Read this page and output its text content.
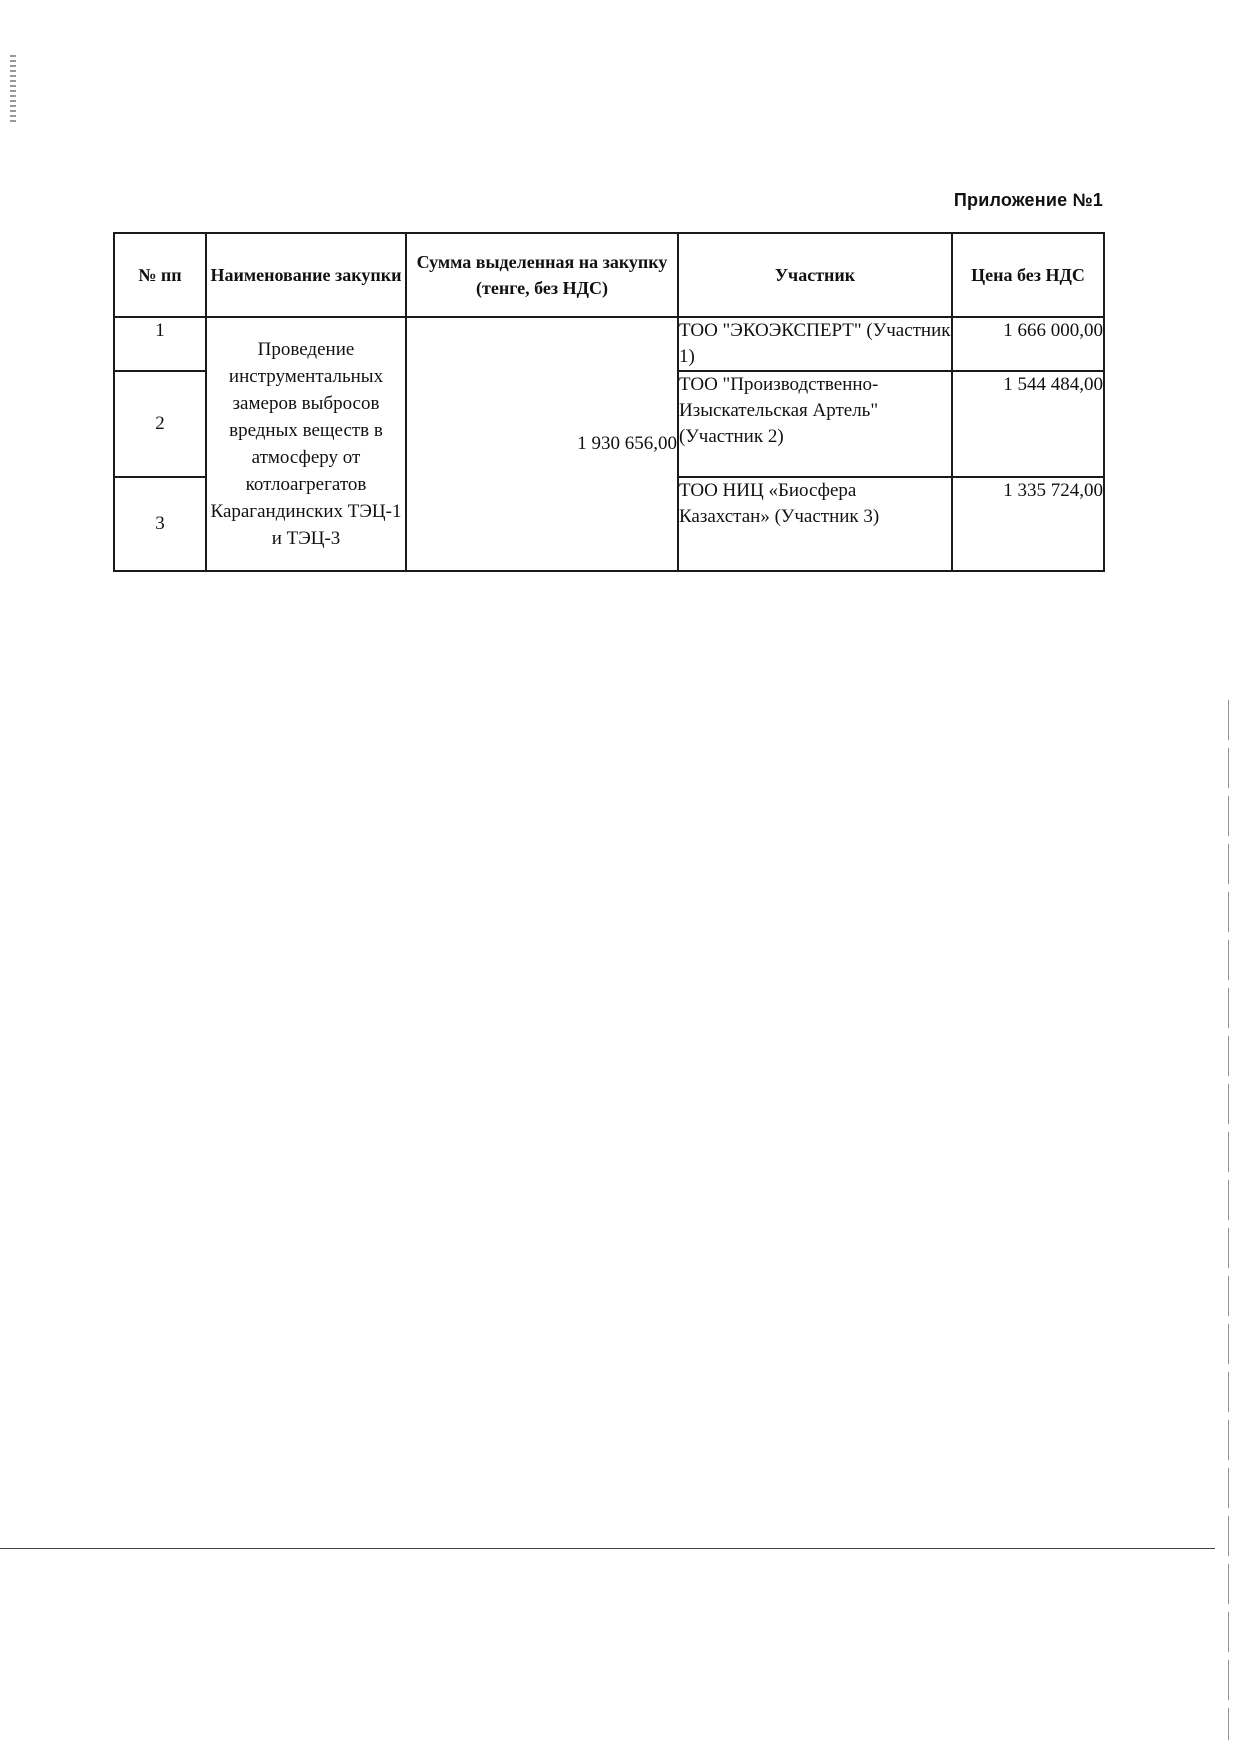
Приложение №1
№ пп	Наименование закупки	Сумма выделенная на закупку (тенге, без НДС)	Участник	Цена без НДС
1	Проведение инструментальных замеров выбросов вредных веществ в атмосферу от котлоагрегатов Карагандинских ТЭЦ-1 и ТЭЦ-3	1 930 656,00	ТОО "ЭКОЭКСПЕРТ" (Участник 1)	1 666 000,00
2			ТОО "Производственно-Изыскательская Артель" (Участник 2)	1 544 484,00
3			ТОО НИЦ «Биосфера Казахстан» (Участник 3)	1 335 724,00
